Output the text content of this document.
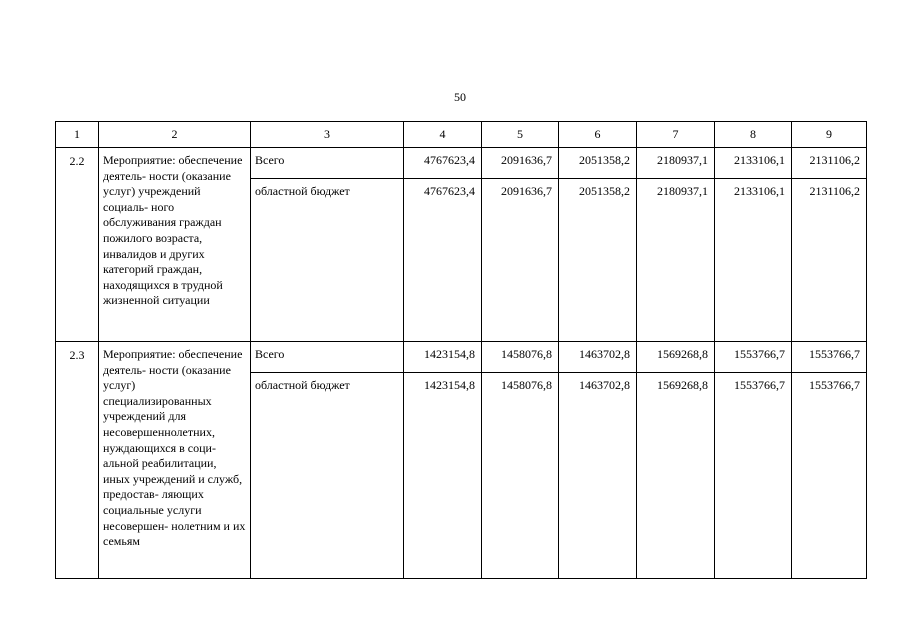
50
1	2	3	4	5	6	7	8	9
2.2	Мероприятие: обеспечение деятель- ности (оказание услуг) учреждений социаль- ного обслуживания граждан пожилого возраста, инвалидов и других категорий граждан, находящихся в трудной жизненной ситуации	Всего	4767623,4	2091636,7	2051358,2	2180937,1	2133106,1	2131106,2
		областной бюджет	4767623,4	2091636,7	2051358,2	2180937,1	2133106,1	2131106,2
2.3	Мероприятие: обеспечение деятель- ности (оказание услуг) специализированных учреждений для несовершеннолетних, нуждающихся в соци- альной реабилитации, иных учреждений и служб, предостав- ляющих социальные услуги несовершен- нолетним и их семьям	Всего	1423154,8	1458076,8	1463702,8	1569268,8	1553766,7	1553766,7
		областной бюджет	1423154,8	1458076,8	1463702,8	1569268,8	1553766,7	1553766,7
